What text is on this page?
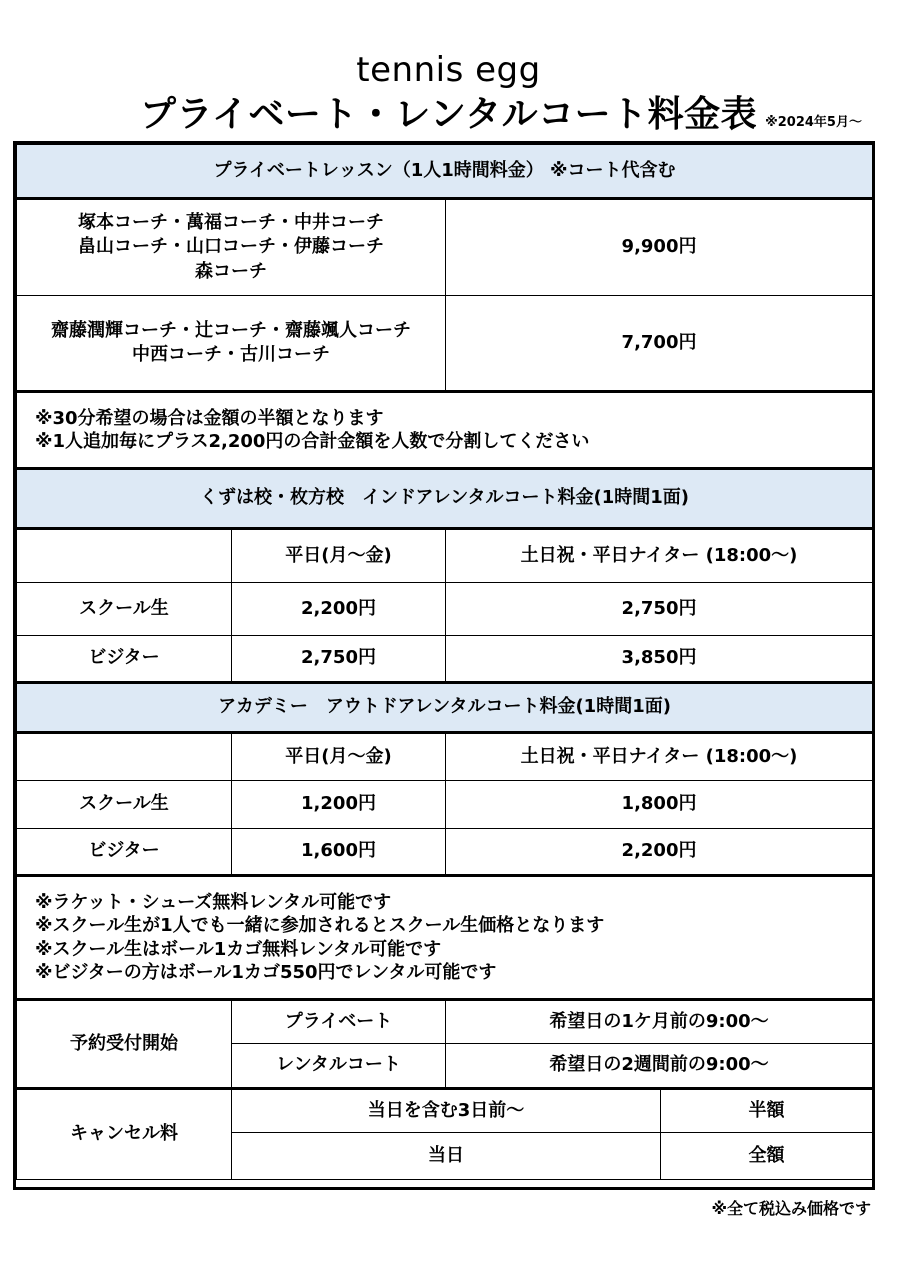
tennis egg
プライベート・レンタルコート料金表 ※2024年5月～
プライベートレッスン（1人1時間料金） ※コート代含む			

塚本コーチ・萬福コーチ・中井コーチ
畠山コーチ・山口コーチ・伊藤コーチ
森コーチ		9,900円	

齋藤潤輝コーチ・辻コーチ・齋藤颯人コーチ
中西コーチ・古川コーチ		7,700円	

※30分希望の場合は金額の半額となります
※1人追加毎にプラス2,200円の合計金額を人数で分割してください			

くずは校・枚方校　インドアレンタルコート料金(1時間1面)			
	平日(月～金)	土日祝・平日ナイター (18:00～)	
スクール生	2,200円	2,750円	
ビジター	2,750円	3,850円	
アカデミー　アウトドアレンタルコート料金(1時間1面)			
	平日(月～金)	土日祝・平日ナイター (18:00～)	
スクール生	1,200円	1,800円	
ビジター	1,600円	2,200円	

※ラケット・シューズ無料レンタル可能です
※スクール生が1人でも一緒に参加されるとスクール生価格となります
※スクール生はボール1カゴ無料レンタル可能です
※ビジターの方はボール1カゴ550円でレンタル可能です			

予約受付開始	プライベート	希望日の1ケ月前の9:00～	
	レンタルコート	希望日の2週間前の9:00～	
キャンセル料	当日を含む3日前～		半額
	当日		全額
※全て税込み価格です
